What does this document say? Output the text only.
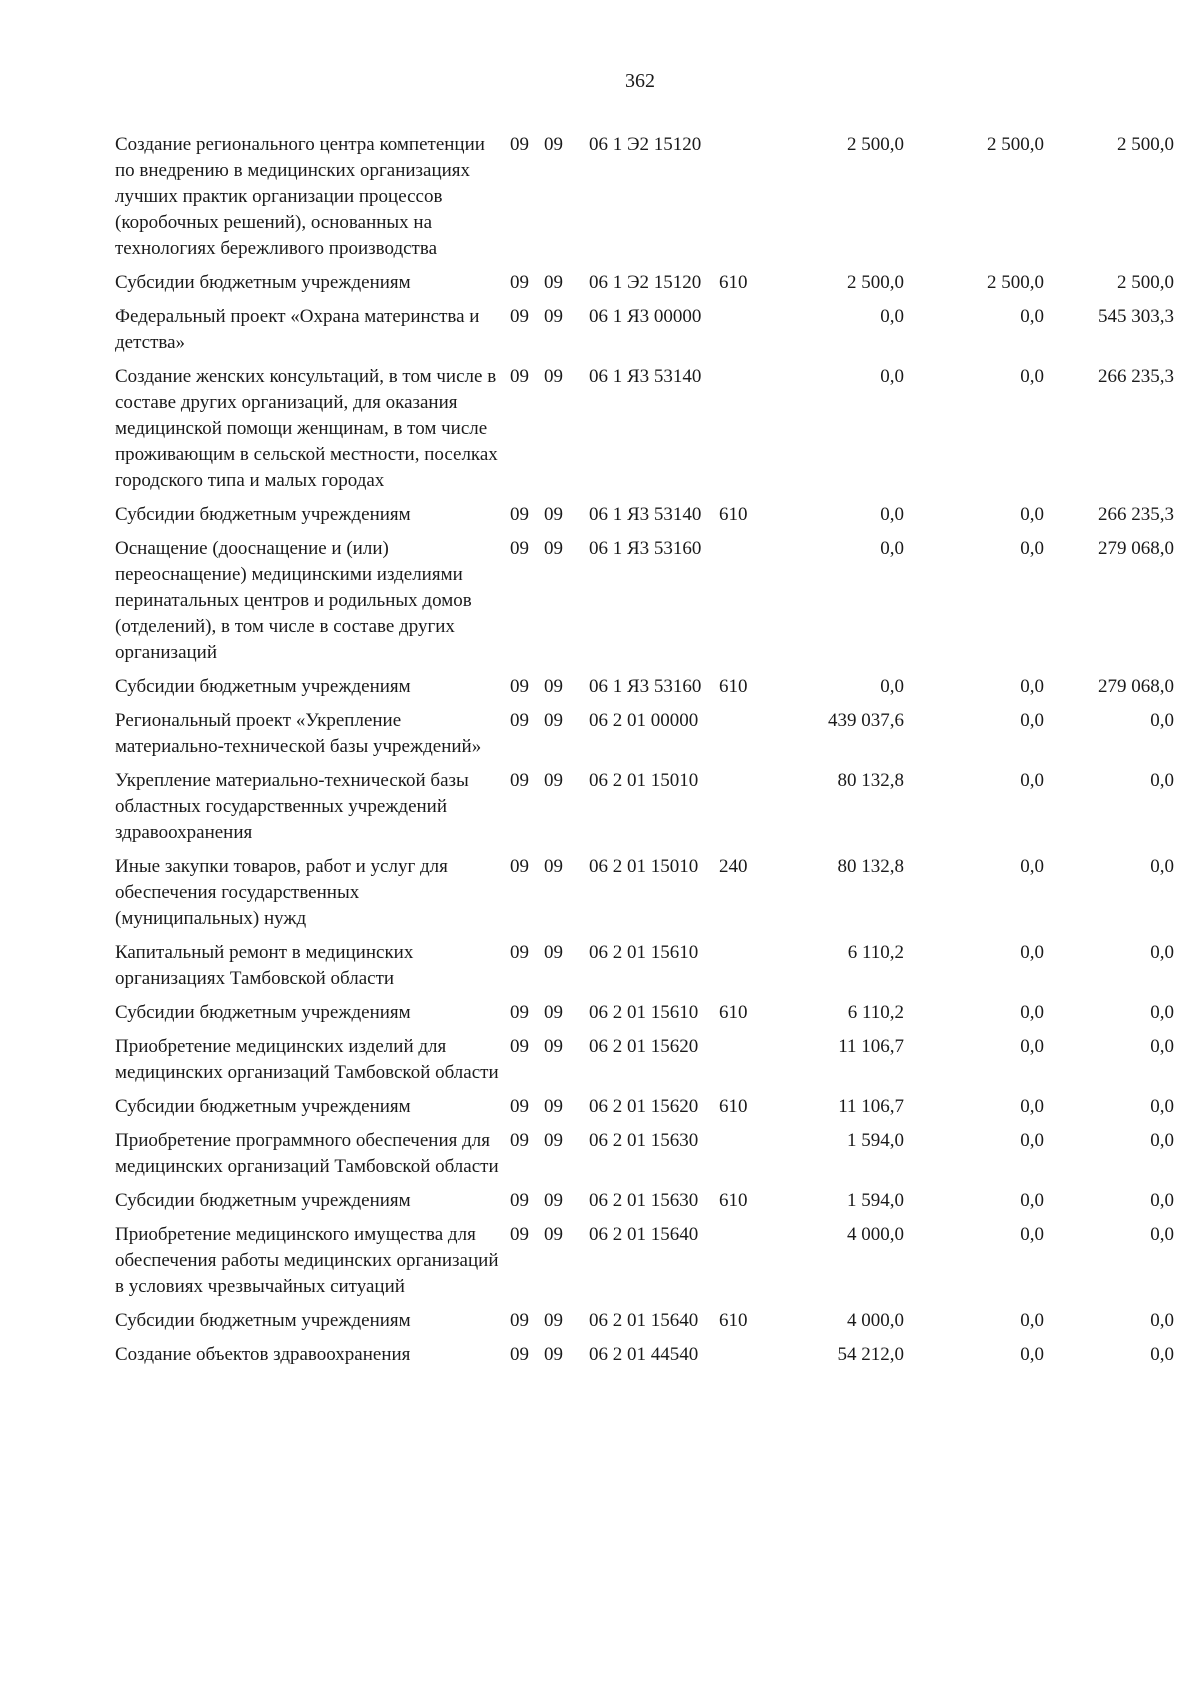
362
Создание регионального центра компетенции по внедрению в медицинских организациях лучших практик организации процессов (коробочных решений), основанных на технологиях бережливого производства	09	09	06 1 Э2 15120		2 500,0	2 500,0	2 500,0
Субсидии бюджетным учреждениям	09	09	06 1 Э2 15120	610	2 500,0	2 500,0	2 500,0
Федеральный проект «Охрана материнства и детства»	09	09	06 1 Я3 00000		0,0	0,0	545 303,3
Создание женских консультаций, в том числе в составе других организаций, для оказания медицинской помощи женщинам, в том числе проживающим в сельской местности, поселках городского типа и малых городах	09	09	06 1 Я3 53140		0,0	0,0	266 235,3
Субсидии бюджетным учреждениям	09	09	06 1 Я3 53140	610	0,0	0,0	266 235,3
Оснащение (дооснащение и (или) переоснащение) медицинскими изделиями перинатальных центров и родильных домов (отделений), в том числе в составе других организаций	09	09	06 1 Я3 53160		0,0	0,0	279 068,0
Субсидии бюджетным учреждениям	09	09	06 1 Я3 53160	610	0,0	0,0	279 068,0
Региональный проект «Укрепление материально-технической базы учреждений»	09	09	06 2 01 00000		439 037,6	0,0	0,0
Укрепление материально-технической базы областных государственных учреждений здравоохранения	09	09	06 2 01 15010		80 132,8	0,0	0,0
Иные закупки товаров, работ и услуг для обеспечения государственных (муниципальных) нужд	09	09	06 2 01 15010	240	80 132,8	0,0	0,0
Капитальный ремонт в медицинских организациях Тамбовской области	09	09	06 2 01 15610		6 110,2	0,0	0,0
Субсидии бюджетным учреждениям	09	09	06 2 01 15610	610	6 110,2	0,0	0,0
Приобретение медицинских изделий для медицинских организаций Тамбовской области	09	09	06 2 01 15620		11 106,7	0,0	0,0
Субсидии бюджетным учреждениям	09	09	06 2 01 15620	610	11 106,7	0,0	0,0
Приобретение программного обеспечения для медицинских организаций Тамбовской области	09	09	06 2 01 15630		1 594,0	0,0	0,0
Субсидии бюджетным учреждениям	09	09	06 2 01 15630	610	1 594,0	0,0	0,0
Приобретение медицинского имущества для обеспечения работы медицинских организаций в условиях чрезвычайных ситуаций	09	09	06 2 01 15640		4 000,0	0,0	0,0
Субсидии бюджетным учреждениям	09	09	06 2 01 15640	610	4 000,0	0,0	0,0
Создание объектов здравоохранения	09	09	06 2 01 44540		54 212,0	0,0	0,0
